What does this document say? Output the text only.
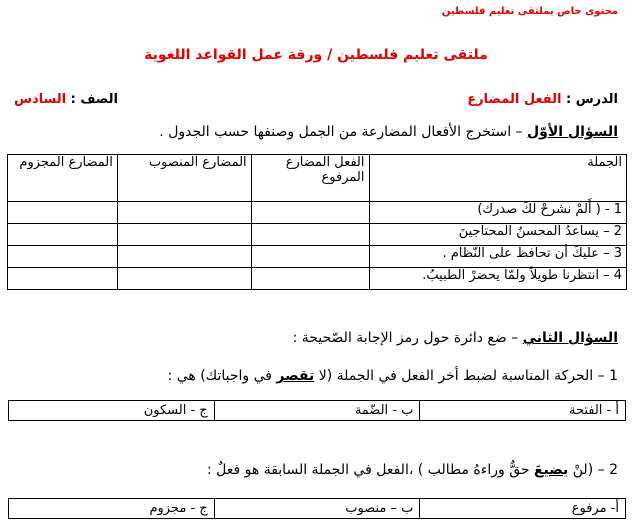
محتوى خاص بملتقى تعليم فلسطين
ملتقى تعليم فلسطين / ورقة عمل القواعد اللغوية
الدرس : الفعل المضارع
الصف : السادس
السؤال الأوّل – استخرج الأفعال المضارعة من الجمل وصنفها حسب الجدول .
الجملة	الفعل المضارع المرفوع	المضارع المنصوب	المضارع المجزوم
1 - ( أَلمْ نشرحْ لكَ صدرك)			
2 – يساعدُ المحسنُ المحتاجينَ			
3 – عليكَ أن تحافظَ على النّظام .			
4 – انتظرنا طويلاً ولمّا يحضرْ الطبيبُ.			
السؤال الثاني – ضع دائرة حول رمز الإجابة الصّحيحة :
1 – الحركة المناسبة لضبط أخر الفعل في الجملة (لا تقصر في واجباتك) هي :
أ - الفتحة	ب - الضّمة	ج - السكون
2 – (لنْ يضيعَ حقٌّ وراءهُ مطالب ) ،الفعل في الجملة السابقة هو فعلٌ :
أ- مرفوع	ب – منصوب	ج - مجزوم
